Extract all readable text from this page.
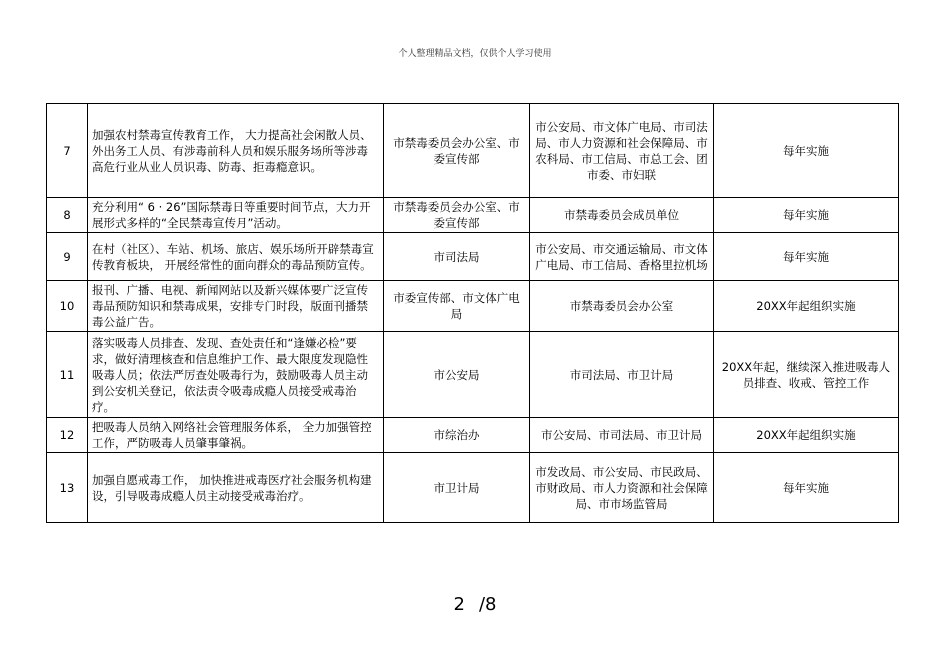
个人整理精品文档，仅供个人学习使用
7	加强农村禁毒宣传教育工作， 大力提高社会闲散人员、外出务工人员、有涉毒前科人员和娱乐服务场所等涉毒高危行业从业人员识毒、防毒、拒毒瘾意识。	市禁毒委员会办公室、市委宣传部	市公安局、市文体广电局、市司法局、市人力资源和社会保障局、市农科局、市工信局、市总工会、团市委、市妇联	每年实施
8	充分利用“ 6 · 26”国际禁毒日等重要时间节点，大力开展形式多样的“全民禁毒宣传月”活动。	市禁毒委员会办公室、市委宣传部	市禁毒委员会成员单位	每年实施
9	在村（社区）、车站、机场、旅店、娱乐场所开辟禁毒宣传教育板块， 开展经常性的面向群众的毒品预防宣传。	市司法局	市公安局、市交通运输局、市文体广电局、市工信局、香格里拉机场	每年实施
10	报刊、广播、电视、新闻网站以及新兴媒体要广泛宣传毒品预防知识和禁毒成果，安排专门时段，版面刊播禁毒公益广告。	市委宣传部、市文体广电局	市禁毒委员会办公室	20XX年起组织实施
11	落实吸毒人员排查、发现、查处责任和“逢嫌必检”要求，做好清理核查和信息维护工作、最大限度发现隐性吸毒人员；依法严厉查处吸毒行为，鼓励吸毒人员主动到公安机关登记，依法责令吸毒成瘾人员接受戒毒治疗。	市公安局	市司法局、市卫计局	20XX年起，继续深入推进吸毒人员排查、收戒、管控工作
12	把吸毒人员纳入网络社会管理服务体系， 全力加强管控工作，严防吸毒人员肇事肇祸。	市综治办	市公安局、市司法局、市卫计局	20XX年起组织实施
13	加强自愿戒毒工作， 加快推进戒毒医疗社会服务机构建设，引导吸毒成瘾人员主动接受戒毒治疗。	市卫计局	市发改局、市公安局、市民政局、市财政局、市人力资源和社会保障局、市市场监管局	每年实施
2 /8
